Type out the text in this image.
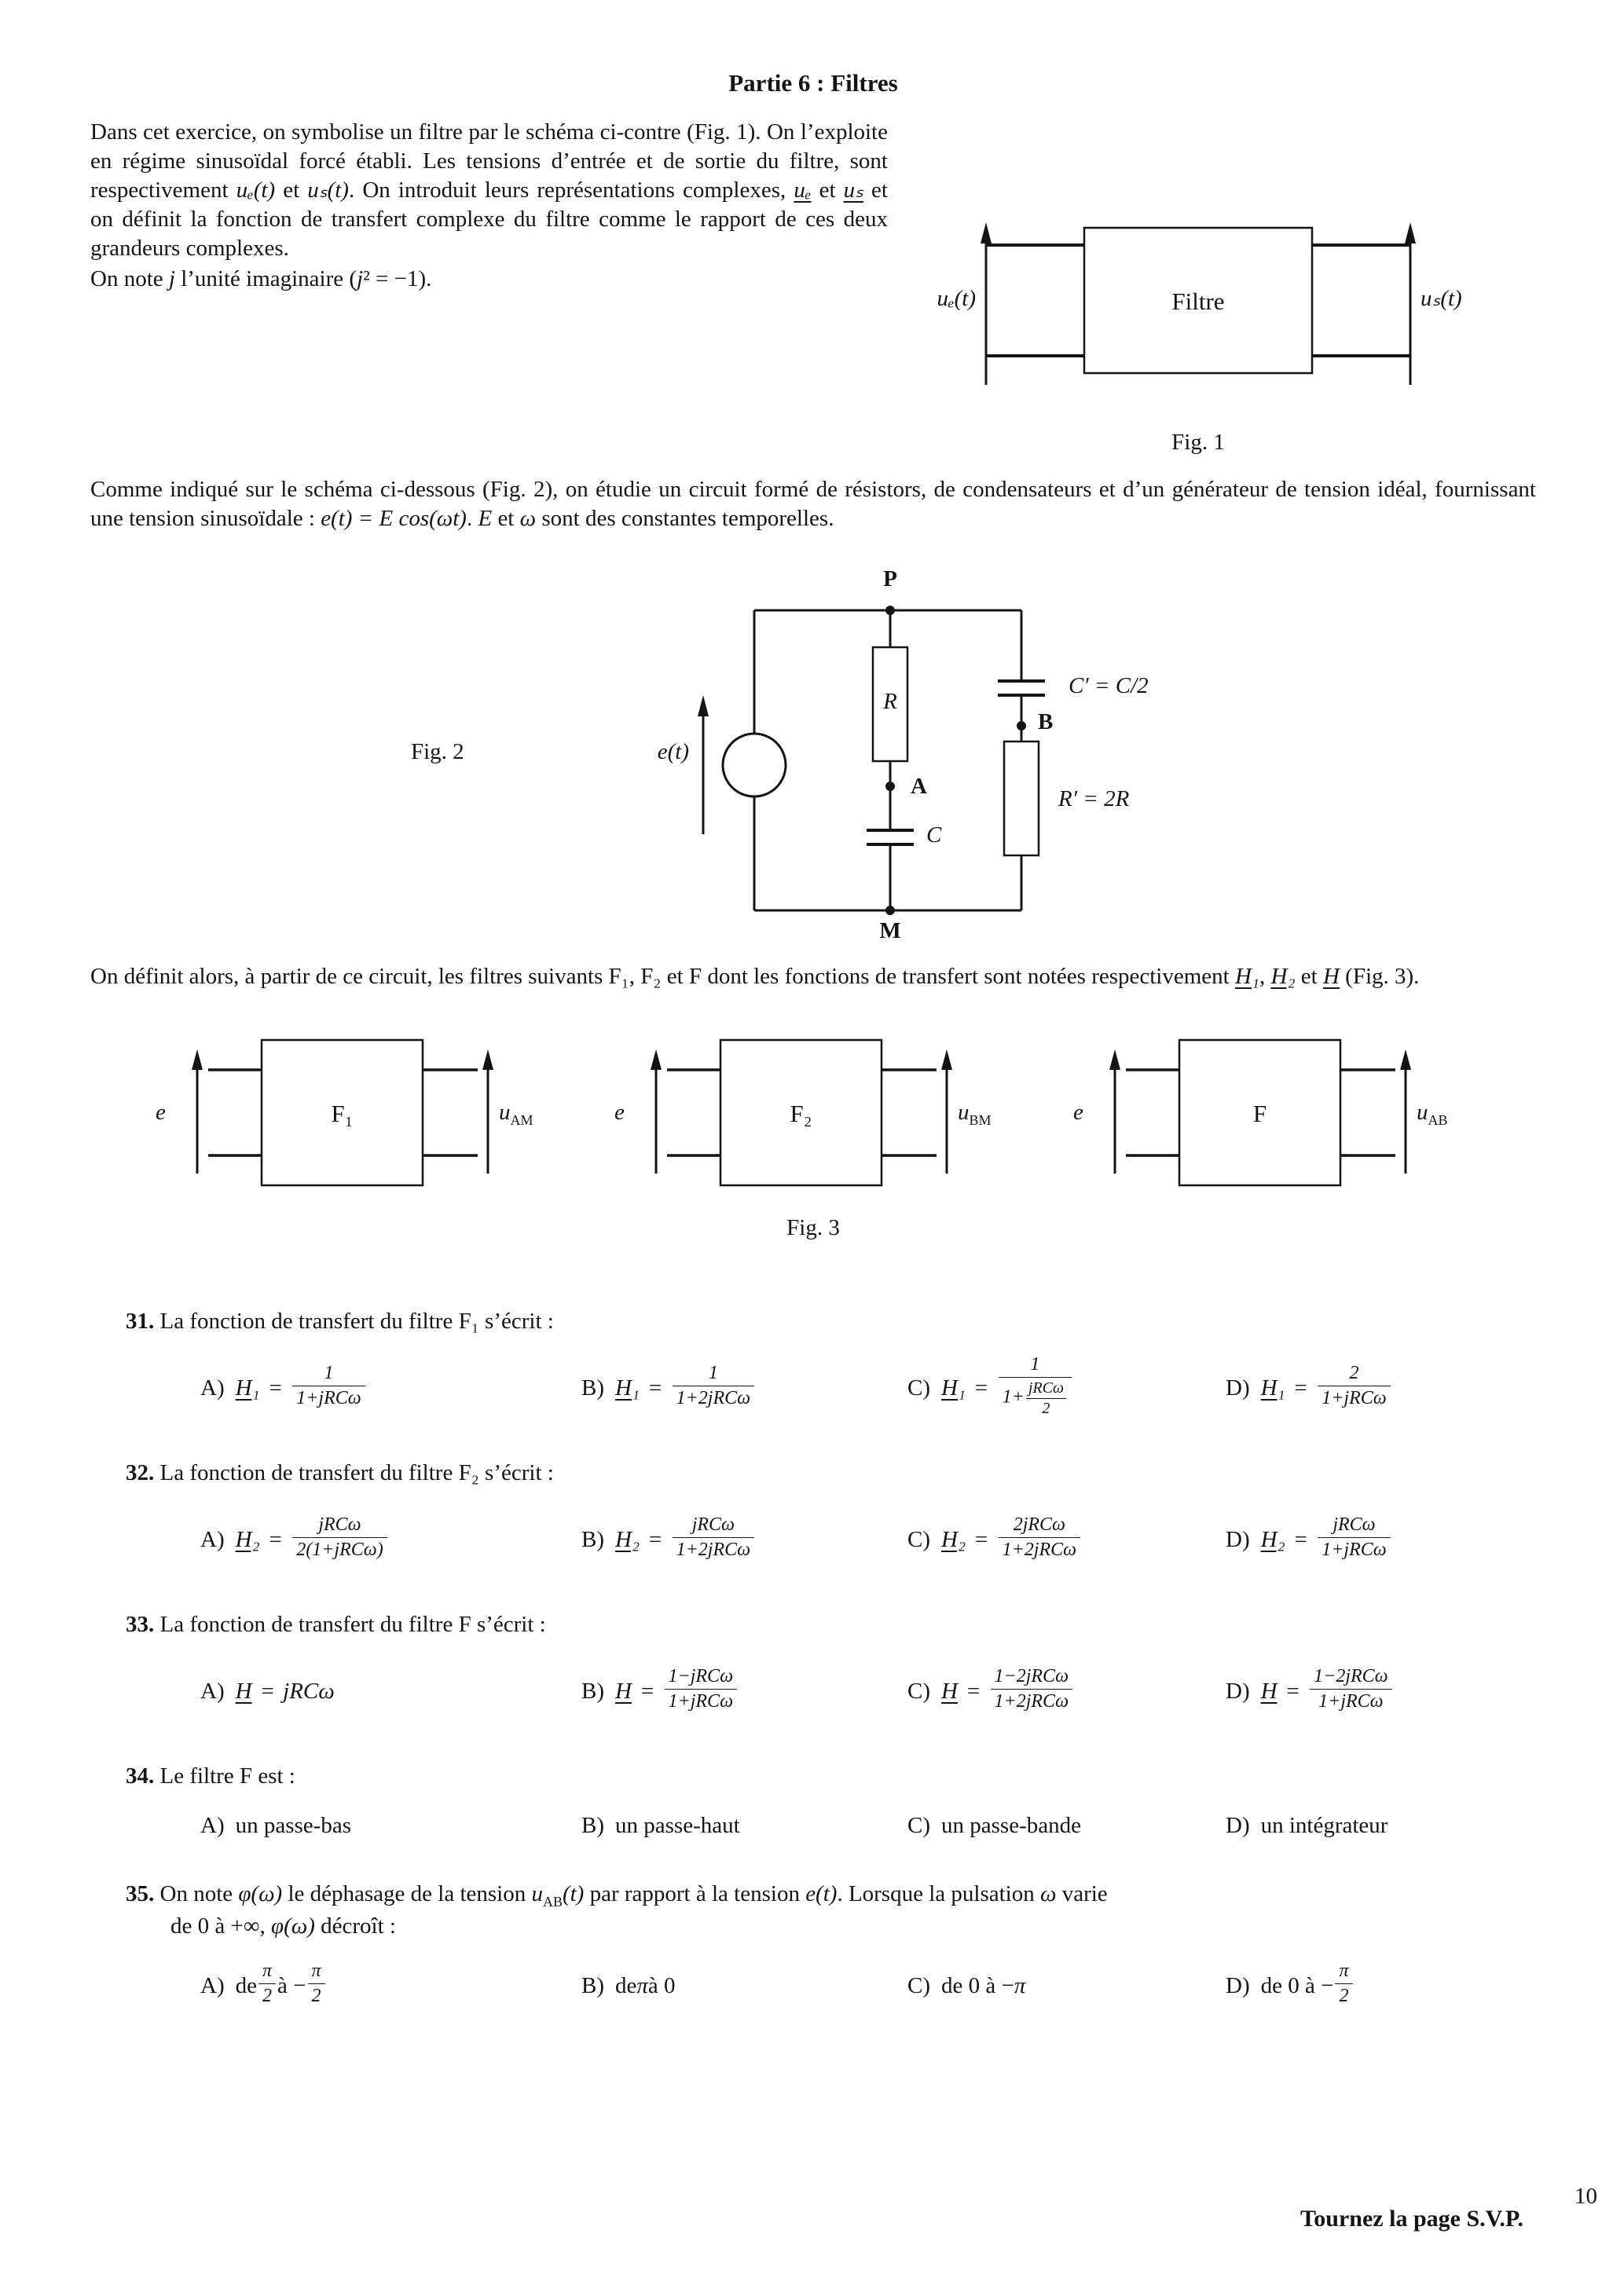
Partie 6 : Filtres

Dans cet exercice, on symbolise un filtre par le schéma ci-contre (Fig. 1). On l’exploite en régime sinusoïdal forcé établi. Les tensions d’entrée et de sortie du filtre, sont respectivement uₑ(t) et uₛ(t). On introduit leurs représentations complexes, uₑ et uₛ et on définit la fonction de transfert complexe du filtre comme le rapport de ces deux grandeurs complexes.

On note j l’unité imaginaire (j² = −1).

uₑ(t)	Filtre	uₛ(t)
Fig. 1

Comme indiqué sur le schéma ci-dessous (Fig. 2), on étudie un circuit formé de résistors, de condensateurs et d’un générateur de tension idéal, fournissant une tension sinusoïdale : e(t) = E cos(ωt). E et ω sont des constantes temporelles.

Fig. 2	e(t)
P
R
A
C
M
C′ = C/2
B
R′ = 2R

On définit alors, à partir de ce circuit, les filtres suivants F₁, F₂ et F dont les fonctions de transfert sont notées respectivement H₁, H₂ et H (Fig. 3).

e	F₁	$u_{AM}$	e	F₂	$u_{BM}$	e	F	$u_{AB}$
Fig. 3

31. La fonction de transfert du filtre F₁ s’écrit :

A) $H_1 = \frac{1}{\text{1+jRCω}}$	B) $H_1 = \frac{1}{\text{1+2jRCω}}$	C) $H_1 = \frac{1}{1+ \frac{\text{jRCω}}{2}}$	D) $H_1 = \frac{2}{\text{1+jRCω}}$

32. La fonction de transfert du filtre F₂ s’écrit :

A) $H_2 = \frac{\text{jRCω}}{\text{2(1+jRCω)}}$	B) $H_2 = \frac{\text{jRCω}}{\text{1+2jRCω}}$	C) $H_2 = \frac{\text{2jRCω}}{\text{1+2jRCω}}$	D) $H_2 = \frac{\text{jRCω}}{\text{1+jRCω}}$

33. La fonction de transfert du filtre F s’écrit :

A) H = jRCω	B) $H = \frac{\text{1−jRCω}}{\text{1+jRCω}}$	C) $H = \frac{\text{1−2jRCω}}{\text{1+2jRCω}}$	D) $H = \frac{\text{1−2jRCω}}{\text{1+jRCω}}$

34. Le filtre F est :

A) un passe-bas	B) un passe-haut	C) un passe-bande	D) un intégrateur

35. On note φ(ω) le déphasage de la tension $u_{AB}(t)$ par rapport à la tension e(t). Lorsque la pulsation ω varie

de 0 à +∞, φ(ω) décroît :

A) de $\frac{\pi}{2}$ à − $\frac{\pi}{2}$	B) de π à 0	C) de 0 à − π	D) de 0 à − $\frac{\pi}{2}$
Tournez la page S.V.P.
10
